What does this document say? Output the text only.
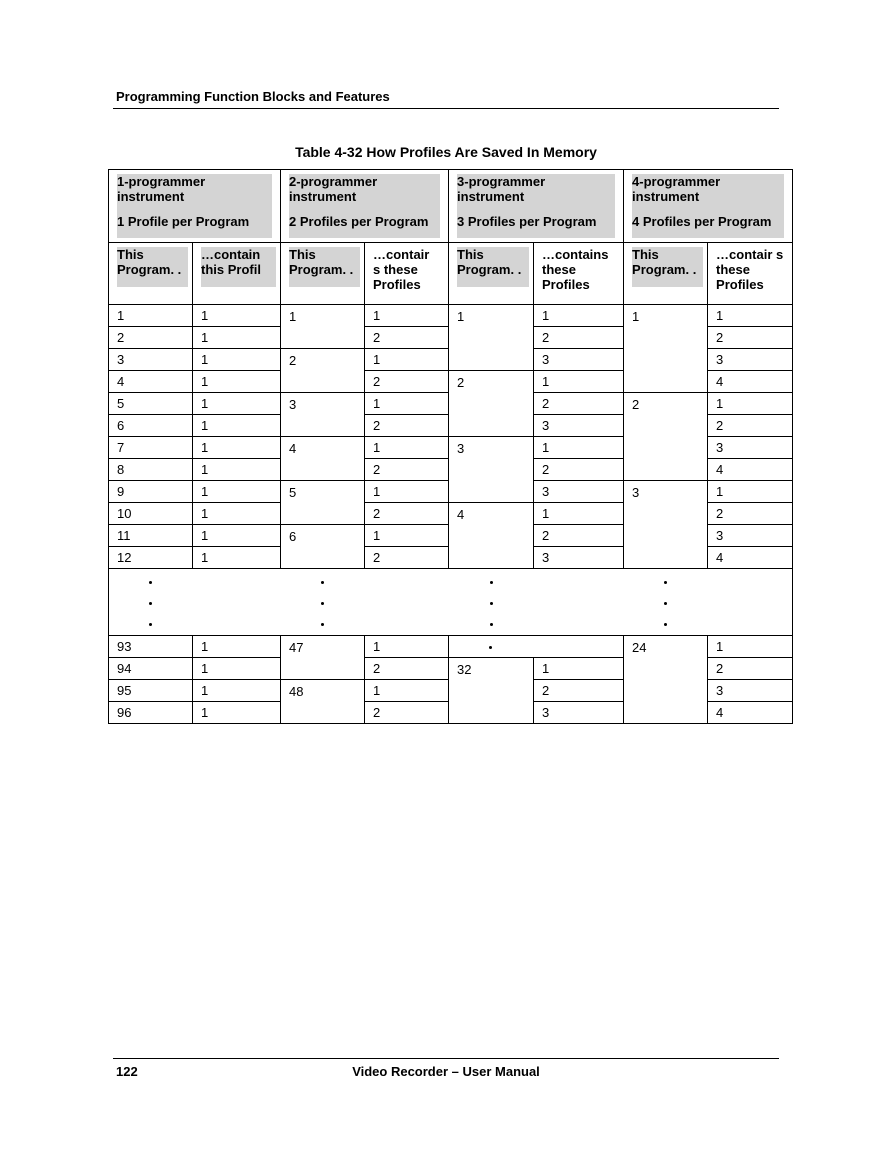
Programming Function Blocks and Features
Table 4-32 How Profiles Are Saved In Memory
1-programmer
instrument
1 Profile per Program		2-programmer
instrument
2 Profiles per Program		3-programmer
instrument
3 Profiles per Program		4-programmer
instrument
4 Profiles per Program	

This Program. .	…contain this Profil	This Program. .	…contair s these Profiles	This Program. .	…contains these Profiles	This Program. .	…contair s these Profiles

1	1	1	1	1	1	1	1
2	1		2		2		2
3	1	2	1		3		3
4	1		2	2	1		4
5	1	3	1		2	2	1
6	1		2		3		2
7	1	4	1	3	1		3
8	1		2		2		4
9	1	5	1		3	3	1
10	1		2	4	1		2
11	1	6	1		2		3
12	1		2		3		4

93	1	47	1			24	1
94	1		2	32	1		2
95	1	48	1		2		3
96	1		2		3		4
122	Video Recorder – User Manual
